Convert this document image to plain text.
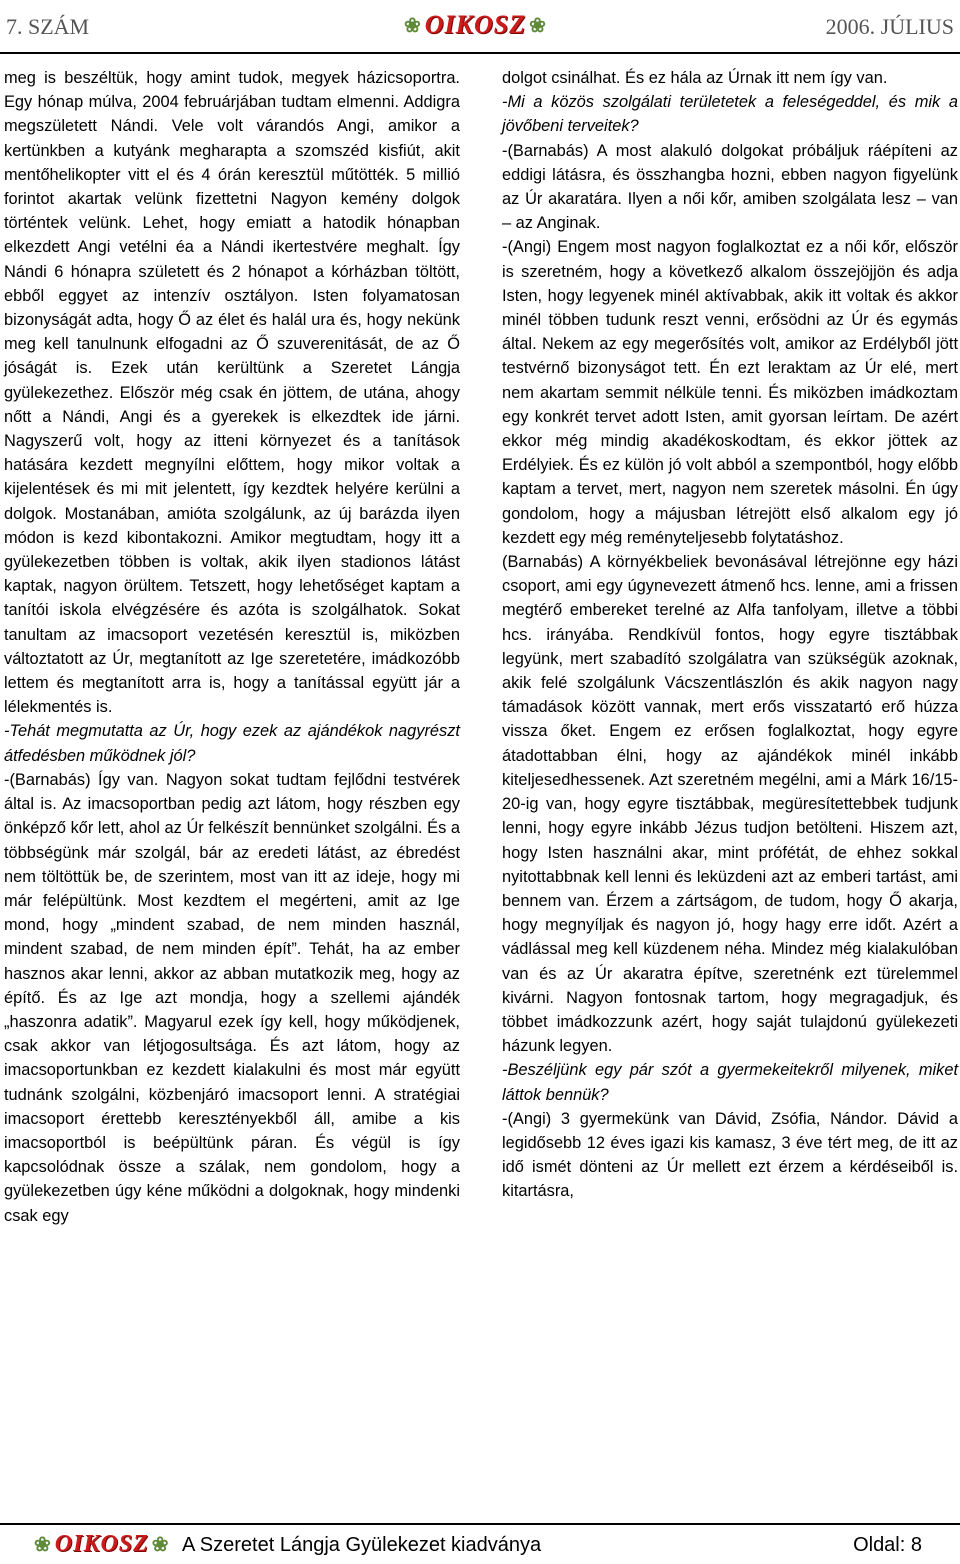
7. SZÁM	❀ OIKOSZ ❀	2006. JÚLIUS

meg is beszéltük, hogy amint tudok, megyek házicsoportra. Egy hónap múlva, 2004 februárjában tudtam elmenni. Addigra megszületett Nándi. Vele volt várandós Angi, amikor a kertünkben a kutyánk megharapta a szomszéd kisfiút, akit mentőhelikopter vitt el és 4 órán keresztül műtötték. 5 millió forintot akartak velünk fizettetni Nagyon kemény dolgok történtek velünk. Lehet, hogy emiatt a hatodik hónapban elkezdett Angi vetélni éa a Nándi ikertestvére meghalt. Így Nándi 6 hónapra született és 2 hónapot a kórházban töltött, ebből eggyet az intenzív osztályon. Isten folyamatosan bizonyságát adta, hogy Ő az élet és halál ura és, hogy nekünk meg kell tanulnunk elfogadni az Ő szuverenitását, de az Ő jóságát is. Ezek után kerültünk a Szeretet Lángja gyülekezethez. Először még csak én jöttem, de utána, ahogy nőtt a Nándi, Angi és a gyerekek is elkezdtek ide járni. Nagyszerű volt, hogy az itteni környezet és a tanítások hatására kezdett megnyílni előttem, hogy mikor voltak a kijelentések és mi mit jelentett, így kezdtek helyére kerülni a dolgok. Mostanában, amióta szolgálunk, az új barázda ilyen módon is kezd kibontakozni. Amikor megtudtam, hogy itt a gyülekezetben többen is voltak, akik ilyen stadionos látást kaptak, nagyon örültem. Tetszett, hogy lehetőséget kaptam a tanítói iskola elvégzésére és azóta is szolgálhatok. Sokat tanultam az imacsoport vezetésén keresztül is, miközben változtatott az Úr, megtanított az Ige szeretetére, imádkozóbb lettem és megtanított arra is, hogy a tanítással együtt jár a lélekmentés is.

-Tehát megmutatta az Úr, hogy ezek az ajándékok nagyrészt átfedésben működnek jól?

-(Barnabás) Így van. Nagyon sokat tudtam fejlődni testvérek által is. Az imacsoportban pedig azt látom, hogy részben egy önképző kőr lett, ahol az Úr felkészít bennünket szolgálni. És a többségünk már szolgál, bár az eredeti látást, az ébredést nem töltöttük be, de szerintem, most van itt az ideje, hogy mi már felépültünk. Most kezdtem el megérteni, amit az Ige mond, hogy „mindent szabad, de nem minden használ, mindent szabad, de nem minden épít”. Tehát, ha az ember hasznos akar lenni, akkor az abban mutatkozik meg, hogy az építő. És az Ige azt mondja, hogy a szellemi ajándék „haszonra adatik”. Magyarul ezek így kell, hogy működjenek, csak akkor van létjogosultsága. És azt látom, hogy az imacsoportunkban ez kezdett kialakulni és most már együtt tudnánk szolgálni, közbenjáró imacsoport lenni. A stratégiai imacsoport érettebb keresztényekből áll, amibe a kis imacsoportból is beépültünk páran. És végül is így kapcsolódnak össze a szálak, nem gondolom, hogy a gyülekezetben úgy kéne működni a dolgoknak, hogy mindenki csak egy

dolgot csinálhat. És ez hála az Úrnak itt nem így van.

-Mi a közös szolgálati területetek a feleségeddel, és mik a jövőbeni terveitek?

-(Barnabás) A most alakuló dolgokat próbáljuk ráépíteni az eddigi látásra, és összhangba hozni, ebben nagyon figyelünk az Úr akaratára. Ilyen a női kőr, amiben szolgálata lesz – van – az Anginak.

-(Angi) Engem most nagyon foglalkoztat ez a női kőr, először is szeretném, hogy a következő alkalom összejöjjön és adja Isten, hogy legyenek minél aktívabbak, akik itt voltak és akkor minél többen tudunk reszt venni, erősödni az Úr és egymás által. Nekem az egy megerősítés volt, amikor az Erdélyből jött testvérnő bizonyságot tett. Én ezt leraktam az Úr elé, mert nem akartam semmit nélküle tenni. És miközben imádkoztam egy konkrét tervet adott Isten, amit gyorsan leírtam. De azért ekkor még mindig akadékoskodtam, és ekkor jöttek az Erdélyiek. És ez külön jó volt abból a szempontból, hogy előbb kaptam a tervet, mert, nagyon nem szeretek másolni. Én úgy gondolom, hogy a májusban létrejött első alkalom egy jó kezdett egy még reményteljesebb folytatáshoz.

(Barnabás) A környékbeliek bevonásával létrejönne egy házi csoport, ami egy úgynevezett átmenő hcs. lenne, ami a frissen megtérő embereket terelné az Alfa tanfolyam, illetve a többi hcs. irányába. Rendkívül fontos, hogy egyre tisztábbak legyünk, mert szabadító szolgálatra van szükségük azoknak, akik felé szolgálunk Vácszentlászlón és akik nagyon nagy támadások között vannak, mert erős visszatartó erő húzza vissza őket. Engem ez erősen foglalkoztat, hogy egyre átadottabban élni, hogy az ajándékok minél inkább kiteljesedhessenek. Azt szeretném megélni, ami a Márk 16/15-20-ig van, hogy egyre tisztábbak, megüresítettebbek tudjunk lenni, hogy egyre inkább Jézus tudjon betölteni. Hiszem azt, hogy Isten használni akar, mint prófétát, de ehhez sokkal nyitottabbnak kell lenni és leküzdeni azt az emberi tartást, ami bennem van. Érzem a zártságom, de tudom, hogy Ő akarja, hogy megnyíljak és nagyon jó, hogy hagy erre időt. Azért a vádlással meg kell küzdenem néha. Mindez még kialakulóban van és az Úr akaratra építve, szeretnénk ezt türelemmel kivárni. Nagyon fontosnak tartom, hogy megragadjuk, és többet imádkozzunk azért, hogy saját tulajdonú gyülekezeti házunk legyen.

-Beszéljünk egy pár szót a gyermekeitekről milyenek, miket láttok bennük?

-(Angi) 3 gyermekünk van Dávid, Zsófia, Nándor. Dávid a legidősebb 12 éves igazi kis kamasz, 3 éve tért meg, de itt az idő ismét dönteni az Úr mellett ezt érzem a kérdéseiből is. kitartásra,

❀ OIKOSZ ❀ A Szeretet Lángja Gyülekezet kiadványa	Oldal: 8
